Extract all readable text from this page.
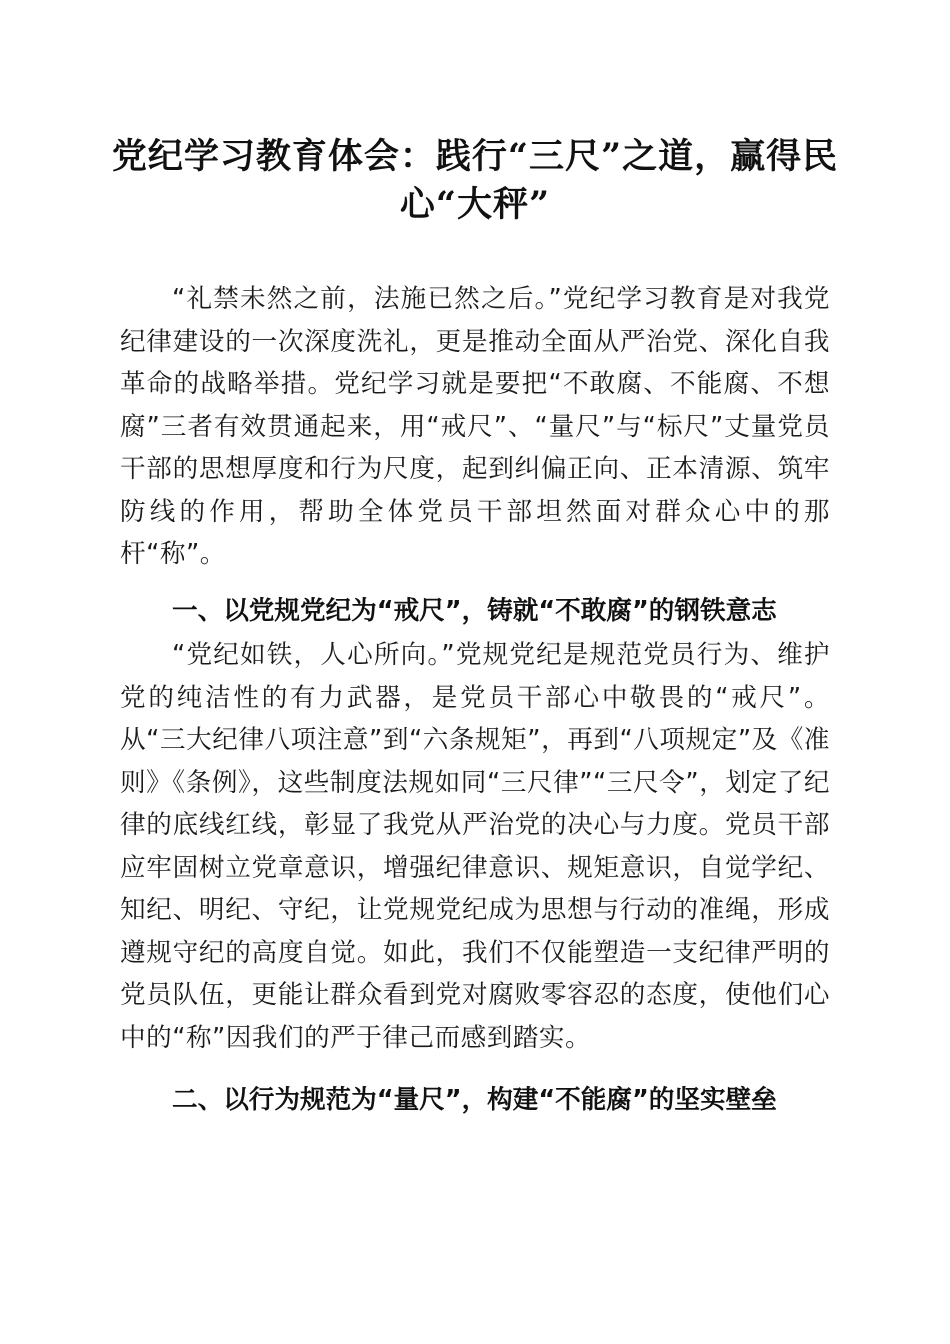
党纪学习教育体会：践行“三尺”之道，赢得民心“大秤”

“礼禁未然之前，法施已然之后。”党纪学习教育是对我党纪律建设的一次深度洗礼，更是推动全面从严治党、深化自我革命的战略举措。党纪学习就是要把“不敢腐、不能腐、不想腐”三者有效贯通起来，用“戒尺”、“量尺”与“标尺”丈量党员干部的思想厚度和行为尺度，起到纠偏正向、正本清源、筑牢防线的作用，帮助全体党员干部坦然面对群众心中的那杆“称”。

一、以党规党纪为“戒尺”，铸就“不敢腐”的钢铁意志

“党纪如铁，人心所向。”党规党纪是规范党员行为、维护党的纯洁性的有力武器，是党员干部心中敬畏的“戒尺”。从“三大纪律八项注意”到“六条规矩”，再到“八项规定”及《准则》《条例》，这些制度法规如同“三尺律”“三尺令”，划定了纪律的底线红线，彰显了我党从严治党的决心与力度。党员干部应牢固树立党章意识，增强纪律意识、规矩意识，自觉学纪、知纪、明纪、守纪，让党规党纪成为思想与行动的准绳，形成遵规守纪的高度自觉。如此，我们不仅能塑造一支纪律严明的党员队伍，更能让群众看到党对腐败零容忍的态度，使他们心中的“称”因我们的严于律己而感到踏实。

二、以行为规范为“量尺”，构建“不能腐”的坚实壁垒
